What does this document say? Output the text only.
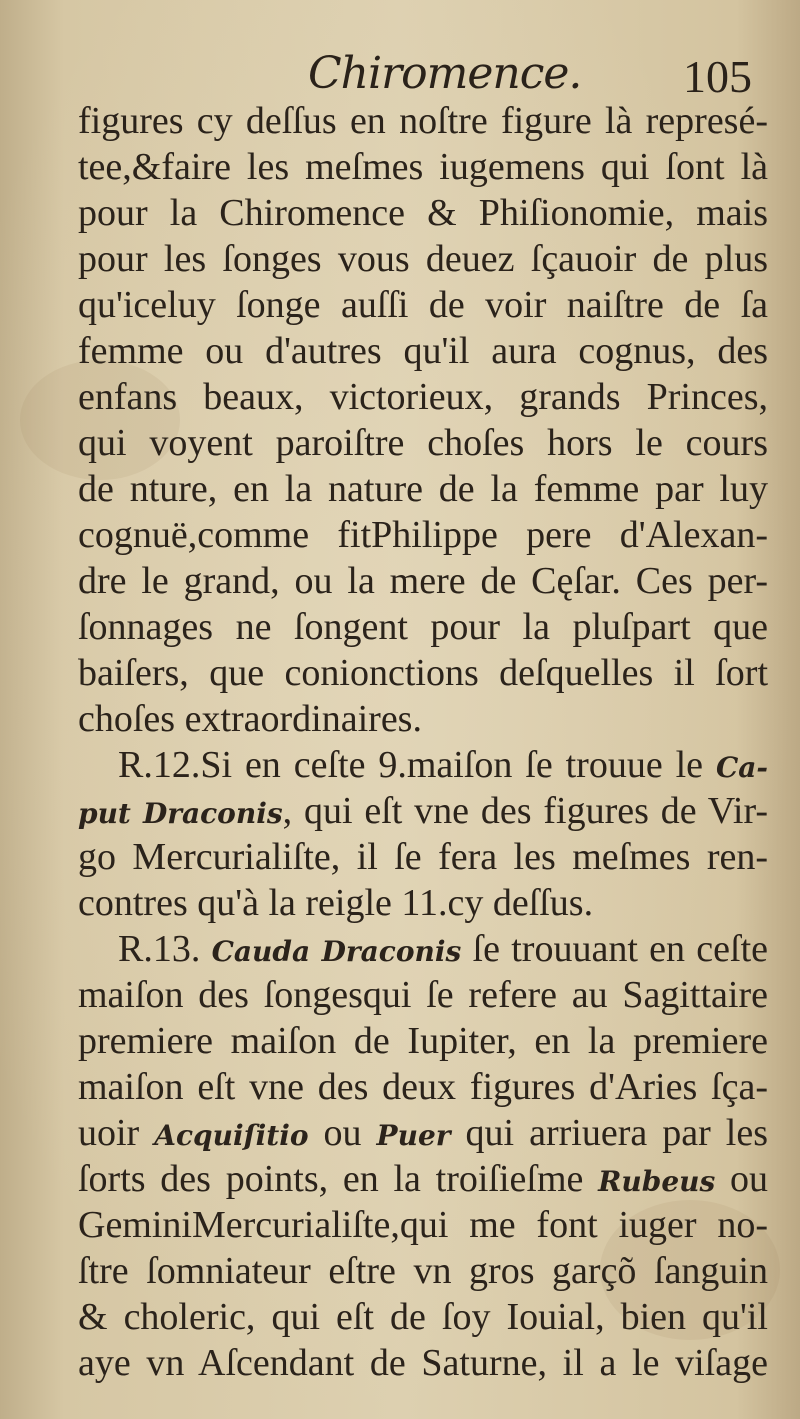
Chiromence. 105
figures cy deſſus en noſtre figure là represé-
tee,&faire les meſmes iugemens qui ſont là
pour la Chiromence & Phiſionomie, mais
pour les ſonges vous deuez ſçauoir de plus
qu'iceluy ſonge auſſi de voir naiſtre de ſa
femme ou d'autres qu'il aura cognus, des
enfans beaux, victorieux, grands Princes,
qui voyent paroiſtre choſes hors le cours
de nture, en la nature de la femme par luy
cognuë,comme fitPhilippe pere d'Alexan-
dre le grand, ou la mere de Cęſar. Ces per-
ſonnages ne ſongent pour la pluſpart que
baiſers, que conionctions deſquelles il ſort
choſes extraordinaires.
R.12.Si en ceſte 9.maiſon ſe trouue le Ca-
put Draconis, qui eſt vne des figures de Vir-
go Mercurialiſte, il ſe fera les meſmes ren-
contres qu'à la reigle 11.cy deſſus.
R.13. Cauda Draconis ſe trouuant en ceſte
maiſon des ſongesqui ſe refere au Sagittaire
premiere maiſon de Iupiter, en la premiere
maiſon eſt vne des deux figures d'Aries ſça-
uoir Acquiſitio ou Puer qui arriuera par les
ſorts des points, en la troiſieſme Rubeus ou
GeminiMercurialiſte,qui me font iuger no-
ſtre ſomniateur eſtre vn gros garçõ ſanguin
& choleric, qui eſt de ſoy Iouial, bien qu'il
aye vn Aſcendant de Saturne, il a le viſage
